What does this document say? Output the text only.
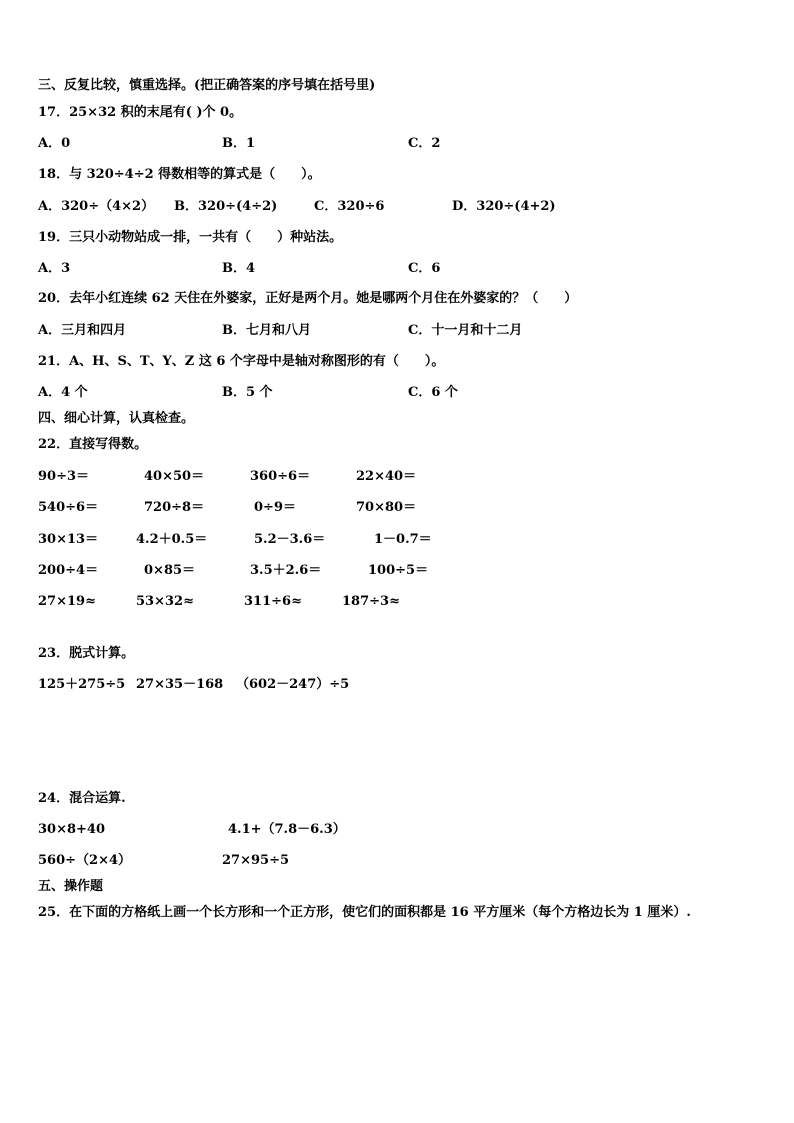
三、反复比较，慎重选择。(把正确答案的序号填在括号里)
17．25×32 积的末尾有( )个 0。
A．0	B．1	C．2
18．与 320÷4÷2 得数相等的算式是（　　）。
A．320÷（4×2） B．320÷(4÷2)	C．320÷6	D．320÷(4+2)
19．三只小动物站成一排，一共有（　　）种站法。
A．3	B．4	C．6
20．去年小红连续 62 天住在外婆家，正好是两个月。她是哪两个月住在外婆家的？（　　）
A．三月和四月	B．七月和八月	C．十一月和十二月
21．A、H、S、T、Y、Z 这 6 个字母中是轴对称图形的有（　　）。
A．4 个	B．5 个	C．6 个
四、细心计算，认真检查。
22．直接写得数。
90÷3＝	40×50＝	360÷6＝	22×40＝
540÷6＝	720÷8＝	0÷9＝	70×80＝
30×13＝	4.2＋0.5＝	5.2－3.6＝	1－0.7＝
200÷4＝	0×85＝	3.5＋2.6＝	100÷5＝
27×19≈	53×32≈	311÷6≈	187÷3≈
23．脱式计算。
125＋275÷5 27×35－168 （602－247）÷5
24．混合运算.
30×8+40	4.1+（7.8－6.3）
560÷（2×4）	27×95÷5
五、操作题
25．在下面的方格纸上画一个长方形和一个正方形，使它们的面积都是 16 平方厘米（每个方格边长为 1 厘米）.
